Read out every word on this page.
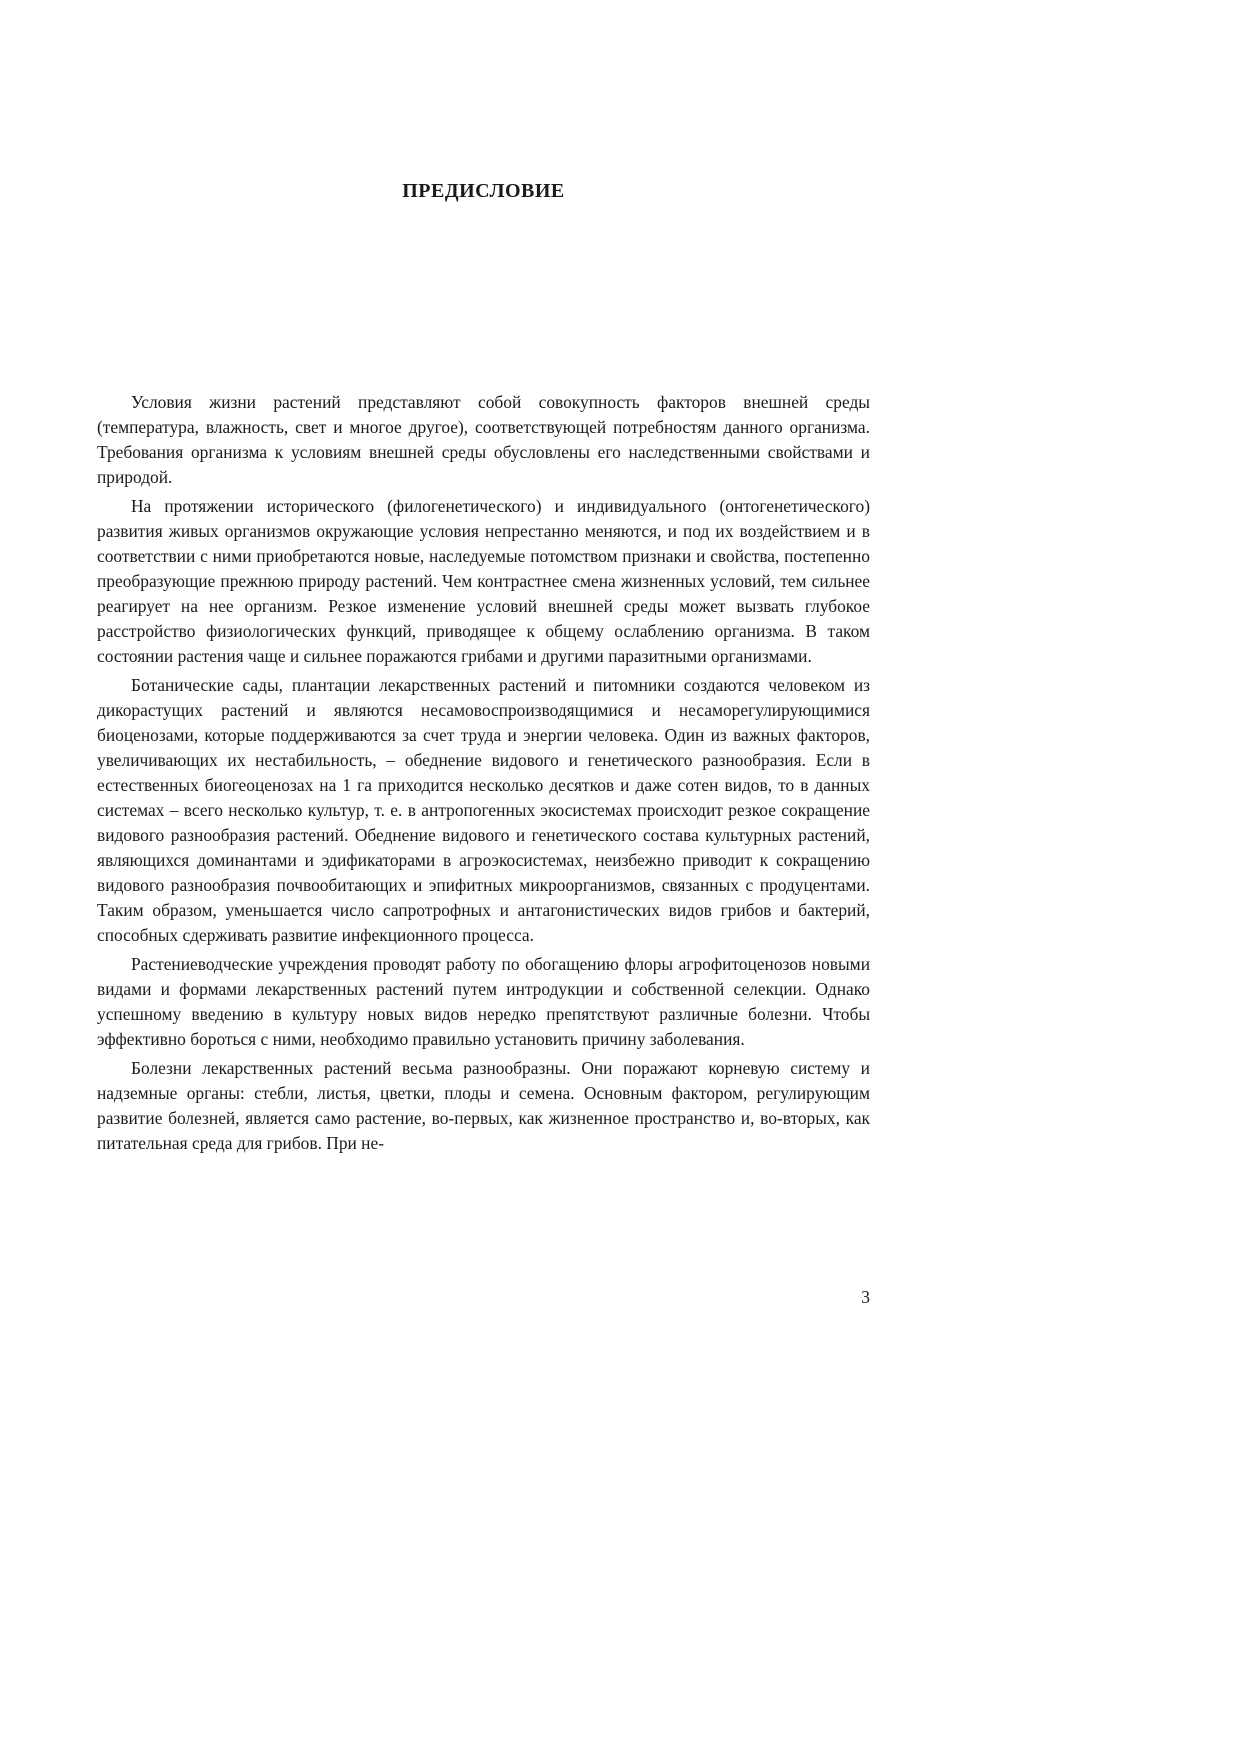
ПРЕДИСЛОВИЕ

Условия жизни растений представляют собой совокупность факторов внешней среды (температура, влажность, свет и многое другое), соответствующей потребностям данного организма. Требования организма к условиям внешней среды обусловлены его наследственными свойствами и природой.

На протяжении исторического (филогенетического) и индивидуального (онтогенетического) развития живых организмов окружающие условия непрестанно меняются, и под их воздействием и в соответствии с ними приобретаются новые, наследуемые потомством признаки и свойства, постепенно преобразующие прежнюю природу растений. Чем контрастнее смена жизненных условий, тем сильнее реагирует на нее организм. Резкое изменение условий внешней среды может вызвать глубокое расстройство физиологических функций, приводящее к общему ослаблению организма. В таком состоянии растения чаще и сильнее поражаются грибами и другими паразитными организмами.

Ботанические сады, плантации лекарственных растений и питомники создаются человеком из дикорастущих растений и являются несамовоспроизводящимися и несаморегулирующимися биоценозами, которые поддерживаются за счет труда и энергии человека. Один из важных факторов, увеличивающих их нестабильность, – обеднение видового и генетического разнообразия. Если в естественных биогеоценозах на 1 га приходится несколько десятков и даже сотен видов, то в данных системах – всего несколько культур, т. е. в антропогенных экосистемах происходит резкое сокращение видового разнообразия растений. Обеднение видового и генетического состава культурных растений, являющихся доминантами и эдификаторами в агроэкосистемах, неизбежно приводит к сокращению видового разнообразия почвообитающих и эпифитных микроорганизмов, связанных с продуцентами. Таким образом, уменьшается число сапротрофных и антагонистических видов грибов и бактерий, способных сдерживать развитие инфекционного процесса.

Растениеводческие учреждения проводят работу по обогащению флоры агрофитоценозов новыми видами и формами лекарственных растений путем интродукции и собственной селекции. Однако успешному введению в культуру новых видов нередко препятствуют различные болезни. Чтобы эффективно бороться с ними, необходимо правильно установить причину заболевания.

Болезни лекарственных растений весьма разнообразны. Они поражают корневую систему и надземные органы: стебли, листья, цветки, плоды и семена. Основным фактором, регулирующим развитие болезней, является само растение, во-первых, как жизненное пространство и, во-вторых, как питательная среда для грибов. При не-

3
